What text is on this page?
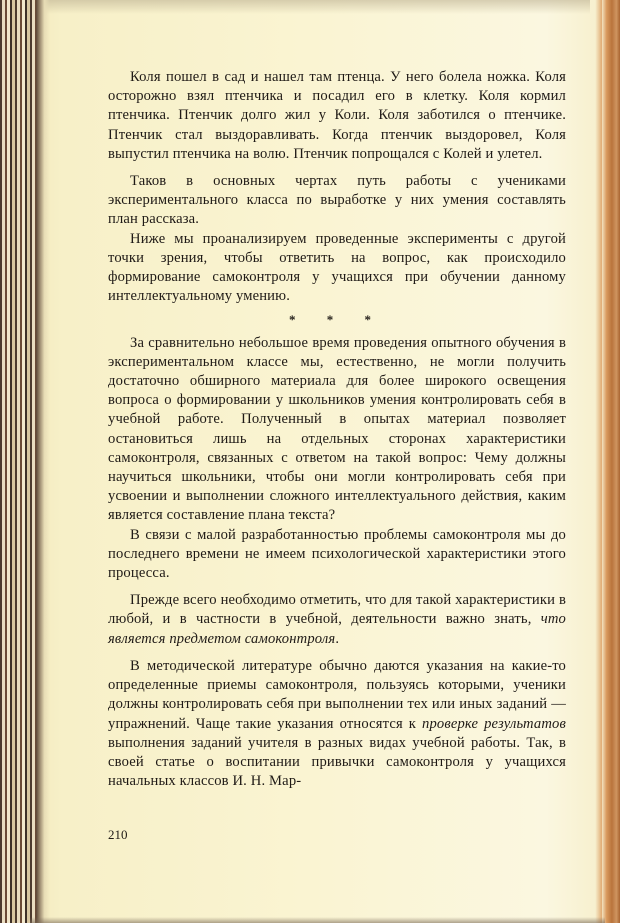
Коля пошел в сад и нашел там птенца. У него болела ножка. Коля осторожно взял птенчика и посадил его в клетку. Коля кормил птенчика. Птенчик долго жил у Коли. Коля заботился о птенчике. Птенчик стал выздоравливать. Когда птенчик выздоровел, Коля выпустил птенчика на волю. Птенчик попрощался с Колей и улетел.

Таков в основных чертах путь работы с учениками экспериментального класса по выработке у них умения составлять план рассказа.

Ниже мы проанализируем проведенные эксперименты с другой точки зрения, чтобы ответить на вопрос, как происходило формирование самоконтроля у учащихся при обучении данному интеллектуальному умению.

* * *

За сравнительно небольшое время проведения опытного обучения в экспериментальном классе мы, естественно, не могли получить достаточно обширного материала для более широкого освещения вопроса о формировании у школьников умения контролировать себя в учебной работе. Полученный в опытах материал позволяет остановиться лишь на отдельных сторонах характеристики самоконтроля, связанных с ответом на такой вопрос: Чему должны научиться школьники, чтобы они могли контролировать себя при усвоении и выполнении сложного интеллектуального действия, каким является составление плана текста?

В связи с малой разработанностью проблемы самоконтроля мы до последнего времени не имеем психологической характеристики этого процесса.

Прежде всего необходимо отметить, что для такой характеристики в любой, и в частности в учебной, деятельности важно знать, что является предметом самоконтроля.

В методической литературе обычно даются указания на какие-то определенные приемы самоконтроля, пользуясь которыми, ученики должны контролировать себя при выполнении тех или иных заданий — упражнений. Чаще такие указания относятся к проверке результатов выполнения заданий учителя в разных видах учебной работы. Так, в своей статье о воспитании привычки самоконтроля у учащихся начальных классов И. Н. Мар-

210
